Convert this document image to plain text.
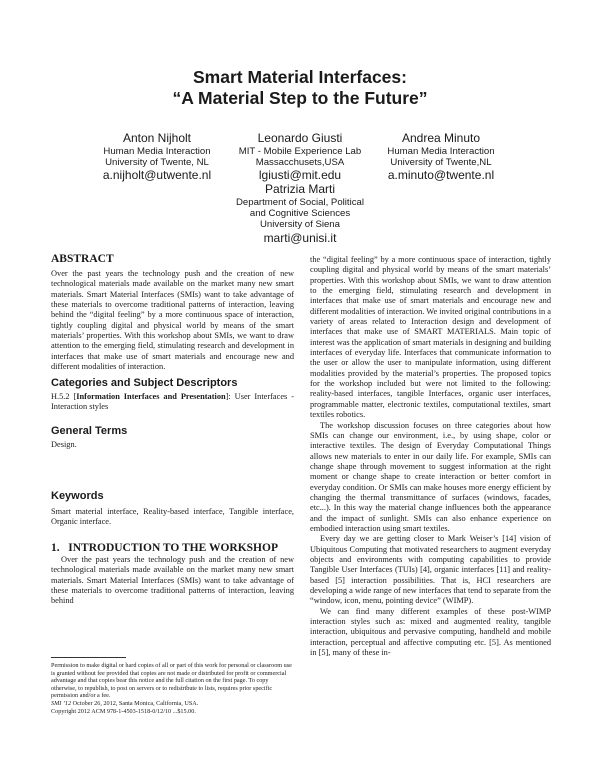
Smart Material Interfaces:
“A Material Step to the Future”
Anton Nijholt
Human Media Interaction
University of Twente, NL
a.nijholt@utwente.nl
Leonardo Giusti
MIT - Mobile Experience Lab
Massacchusets,USA
lgiusti@mit.edu
Andrea Minuto
Human Media Interaction
University of Twente,NL
a.minuto@twente.nl
Patrizia Marti
Department of Social, Political
and Cognitive Sciences
University of Siena
marti@unisi.it
ABSTRACT

Over the past years the technology push and the creation of new technological materials made available on the market many new smart materials. Smart Material Interfaces (SMIs) want to take advantage of these materials to overcome traditional patterns of interaction, leaving behind the “digital feeling” by a more continuous space of interaction, tightly coupling digital and physical world by means of the smart materials’ properties. With this workshop about SMIs, we want to draw attention to the emerging field, stimulating research and development in interfaces that make use of smart materials and encourage new and different modalities of interaction.

Categories and Subject Descriptors

H.5.2 [Information Interfaces and Presentation]: User Interfaces - Interaction styles

General Terms

Design.

Keywords

Smart material interface, Reality-based interface, Tangible interface, Organic interface.

1.   INTRODUCTION TO THE WORKSHOP

Over the past years the technology push and the creation of new technological materials made available on the market many new smart materials. Smart Material Interfaces (SMIs) want to take advantage of these materials to overcome traditional patterns of interaction, leaving behind

Permission to make digital or hard copies of all or part of this work for personal or classroom use is granted without fee provided that copies are not made or distributed for profit or commercial advantage and that copies bear this notice and the full citation on the first page. To copy otherwise, to republish, to post on servers or to redistribute to lists, requires prior specific permission and/or a fee.

SMI ’12 October 26, 2012, Santa Monica, California, USA.

Copyright 2012 ACM 978-1-4503-1518-0/12/10 ...$15.00.

the “digital feeling” by a more continuous space of interaction, tightly coupling digital and physical world by means of the smart materials’ properties. With this workshop about SMIs, we want to draw attention to the emerging field, stimulating research and development in interfaces that make use of smart materials and encourage new and different modalities of interaction. We invited original contributions in a variety of areas related to Interaction design and development of interfaces that make use of SMART MATERIALS. Main topic of interest was the application of smart materials in designing and building interfaces of everyday life. Interfaces that communicate information to the user or allow the user to manipulate information, using different modalities provided by the material’s properties. The proposed topics for the workshop included but were not limited to the following: reality-based interfaces, tangible Interfaces, organic user interfaces, programmable matter, electronic textiles, computational textiles, smart textiles robotics.

The workshop discussion focuses on three categories about how SMIs can change our environment, i.e., by using shape, color or interactive textiles. The design of Everyday Computational Things allows new materials to enter in our daily life. For example, SMIs can change shape through movement to suggest information at the right moment or change shape to create interaction or better comfort in everyday condition. Or SMIs can make houses more energy efficient by changing the thermal transmittance of surfaces (windows, facades, etc...). In this way the material change influences both the appearance and the impact of sunlight. SMIs can also enhance experience on embodied interaction using smart textiles.

Every day we are getting closer to Mark Weiser’s [14] vision of Ubiquitous Computing that motivated researchers to augment everyday objects and environments with computing capabilities to provide Tangible User Interfaces (TUIs) [4], organic interfaces [11] and reality-based [5] interaction possibilities. That is, HCI researchers are developing a wide range of new interfaces that tend to separate from the “window, icon, menu, pointing device” (WIMP).

We can find many different examples of these post-WIMP interaction styles such as: mixed and augmented reality, tangible interaction, ubiquitous and pervasive computing, handheld and mobile interaction, perceptual and affective computing etc. [5]. As mentioned in [5], many of these in-
